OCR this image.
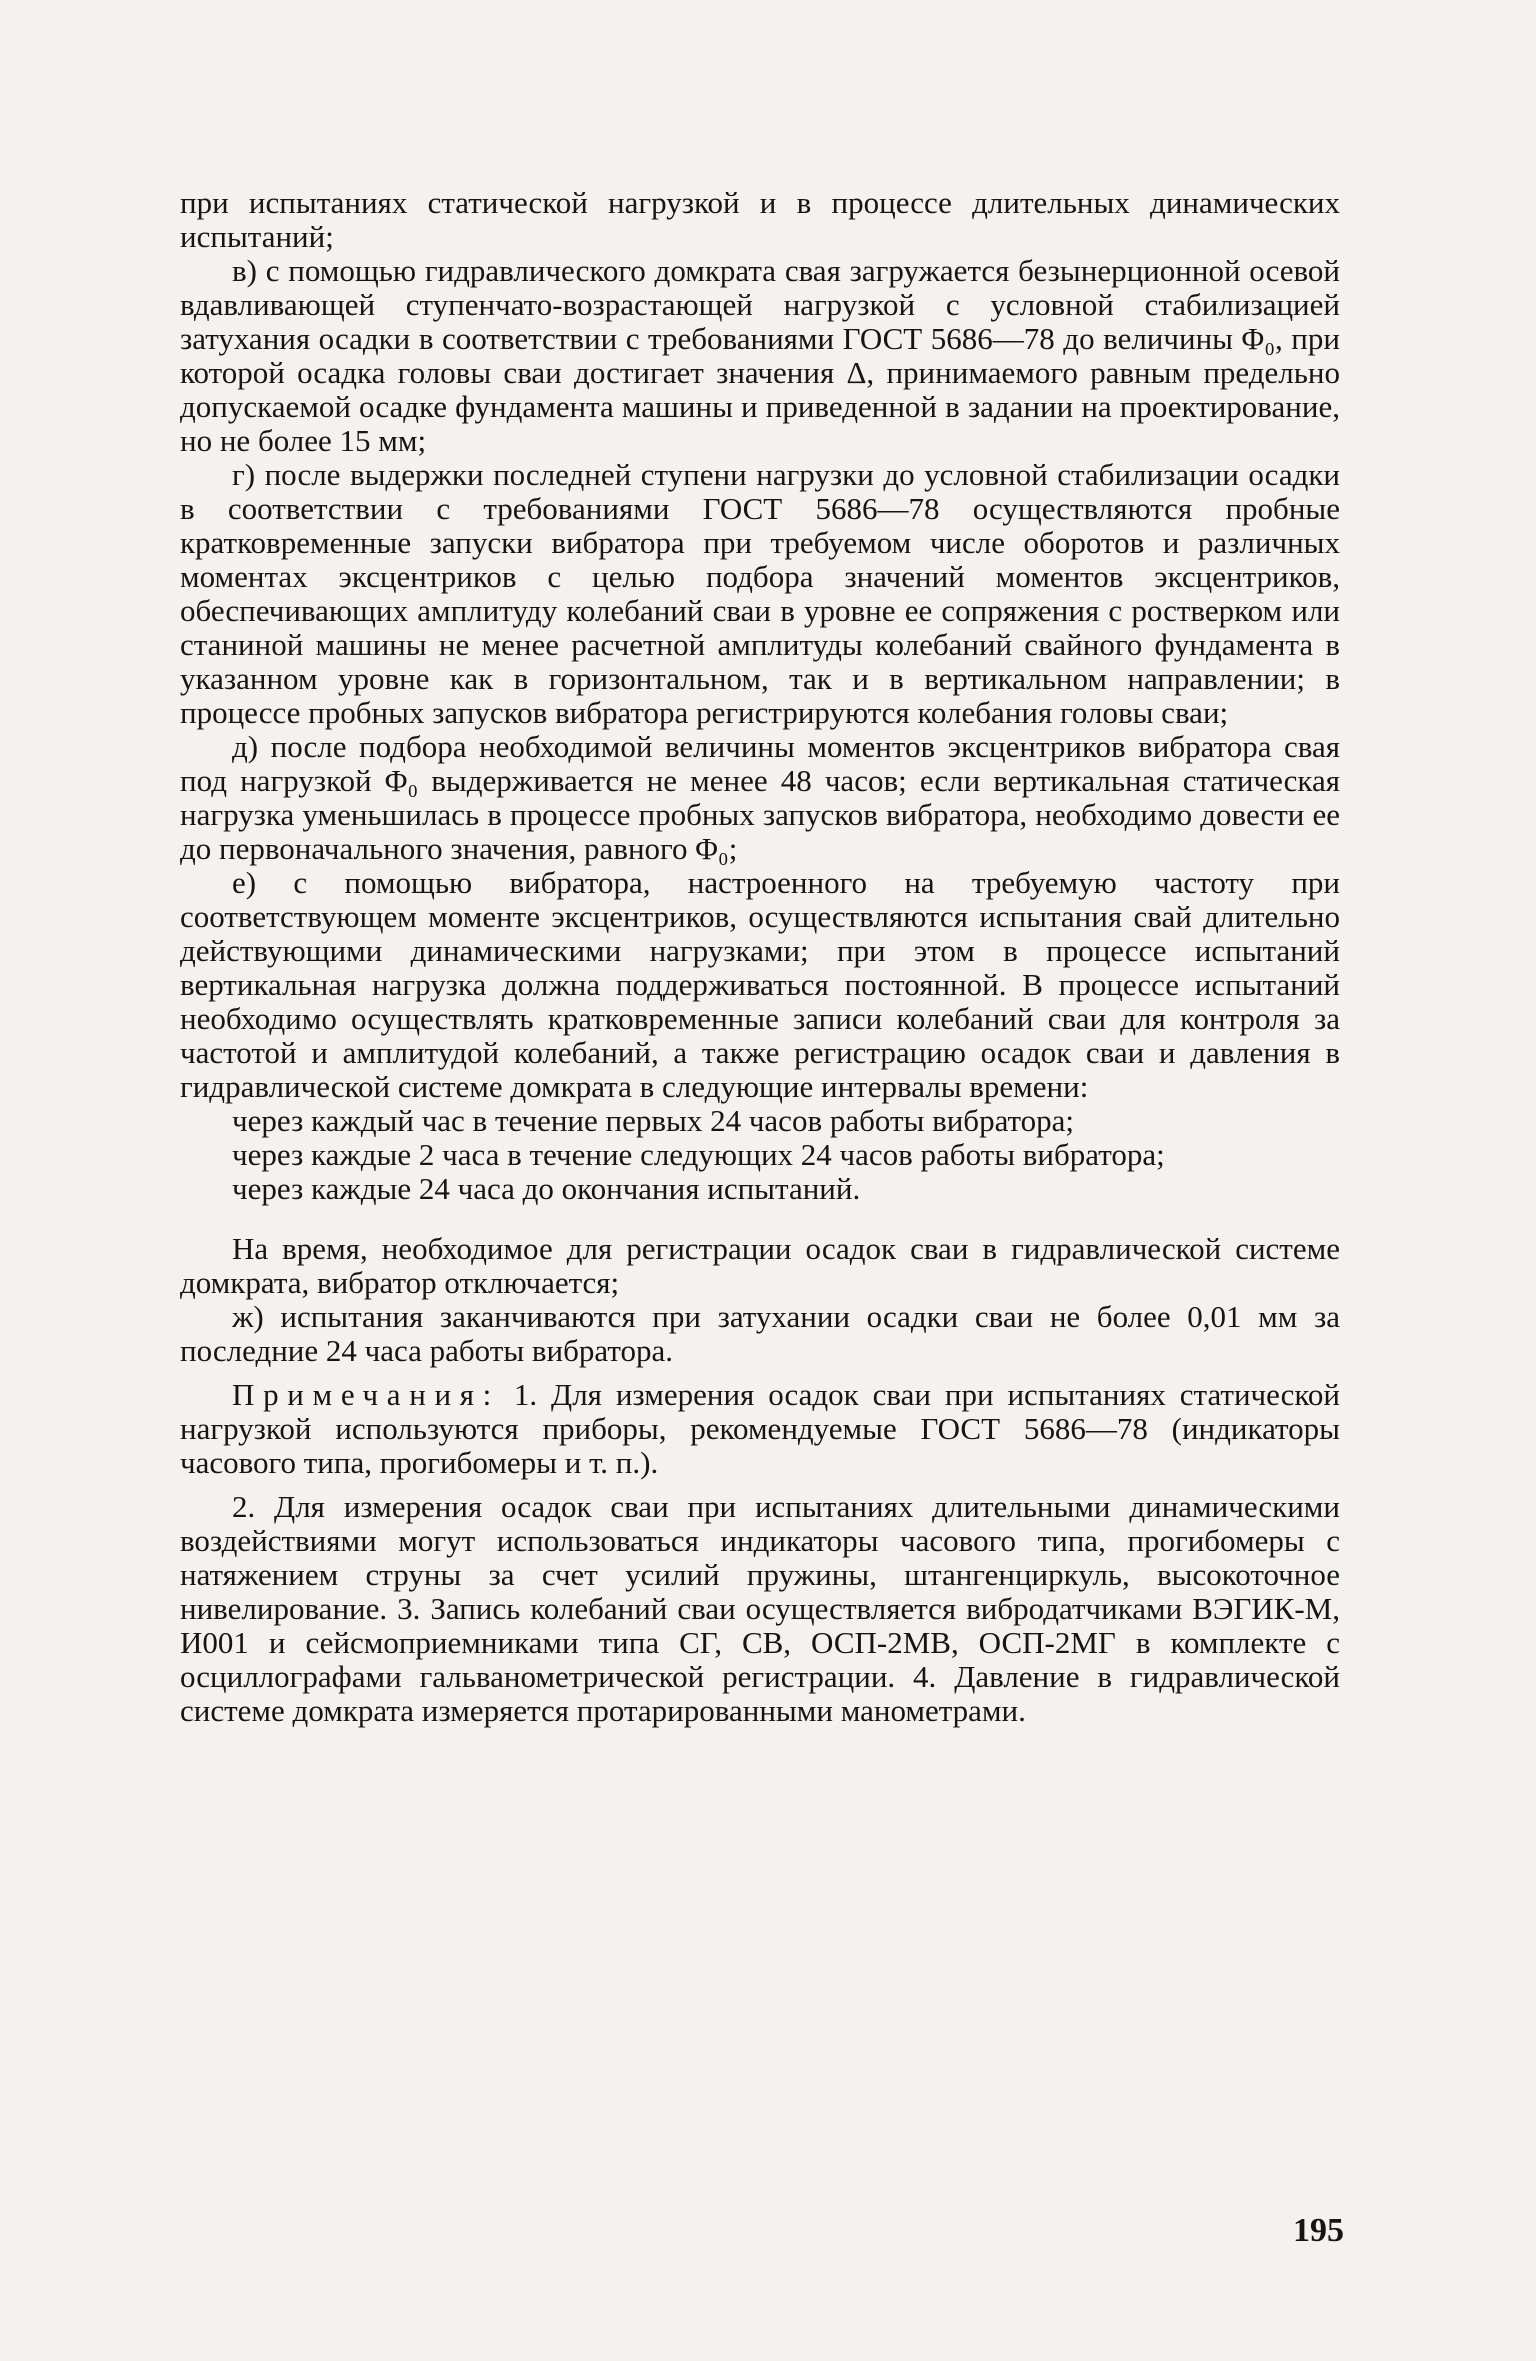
при испытаниях статической нагрузкой и в процессе длительных динамических испытаний;

в) с помощью гидравлического домкрата свая загружается безынерционной осевой вдавливающей ступенчато-возрастающей нагрузкой с условной стабилизацией затухания осадки в соответствии с требованиями ГОСТ 5686—78 до величины Φ₀, при которой осадка головы сваи достигает значения Δ, принимаемого равным предельно допускаемой осадке фундамента машины и приведенной в задании на проектирование, но не более 15 мм;

г) после выдержки последней ступени нагрузки до условной стабилизации осадки в соответствии с требованиями ГОСТ 5686—78 осуществляются пробные кратковременные запуски вибратора при требуемом числе оборотов и различных моментах эксцентриков с целью подбора значений моментов эксцентриков, обеспечивающих амплитуду колебаний сваи в уровне ее сопряжения с ростверком или станиной машины не менее расчетной амплитуды колебаний свайного фундамента в указанном уровне как в горизонтальном, так и в вертикальном направлении; в процессе пробных запусков вибратора регистрируются колебания головы сваи;

д) после подбора необходимой величины моментов эксцентриков вибратора свая под нагрузкой Φ₀ выдерживается не менее 48 часов; если вертикальная статическая нагрузка уменьшилась в процессе пробных запусков вибратора, необходимо довести ее до первоначального значения, равного Φ₀;

е) с помощью вибратора, настроенного на требуемую частоту при соответствующем моменте эксцентриков, осуществляются испытания свай длительно действующими динамическими нагрузками; при этом в процессе испытаний вертикальная нагрузка должна поддерживаться постоянной. В процессе испытаний необходимо осуществлять кратковременные записи колебаний сваи для контроля за частотой и амплитудой колебаний, а также регистрацию осадок сваи и давления в гидравлической системе домкрата в следующие интервалы времени:

через каждый час в течение первых 24 часов работы вибратора;

через каждые 2 часа в течение следующих 24 часов работы вибратора;

через каждые 24 часа до окончания испытаний.

На время, необходимое для регистрации осадок сваи в гидравлической системе домкрата, вибратор отключается;

ж) испытания заканчиваются при затухании осадки сваи не более 0,01 мм за последние 24 часа работы вибратора.

Примечания: 1. Для измерения осадок сваи при испытаниях статической нагрузкой используются приборы, рекомендуемые ГОСТ 5686—78 (индикаторы часового типа, прогибомеры и т. п.).

2. Для измерения осадок сваи при испытаниях длительными динамическими воздействиями могут использоваться индикаторы часового типа, прогибомеры с натяжением струны за счет усилий пружины, штангенциркуль, высокоточное нивелирование. 3. Запись колебаний сваи осуществляется вибродатчиками ВЭГИК-М, И001 и сейсмоприемниками типа СГ, СВ, ОСП-2МВ, ОСП-2МГ в комплекте с осциллографами гальванометрической регистрации. 4. Давление в гидравлической системе домкрата измеряется протарированными манометрами.

195
